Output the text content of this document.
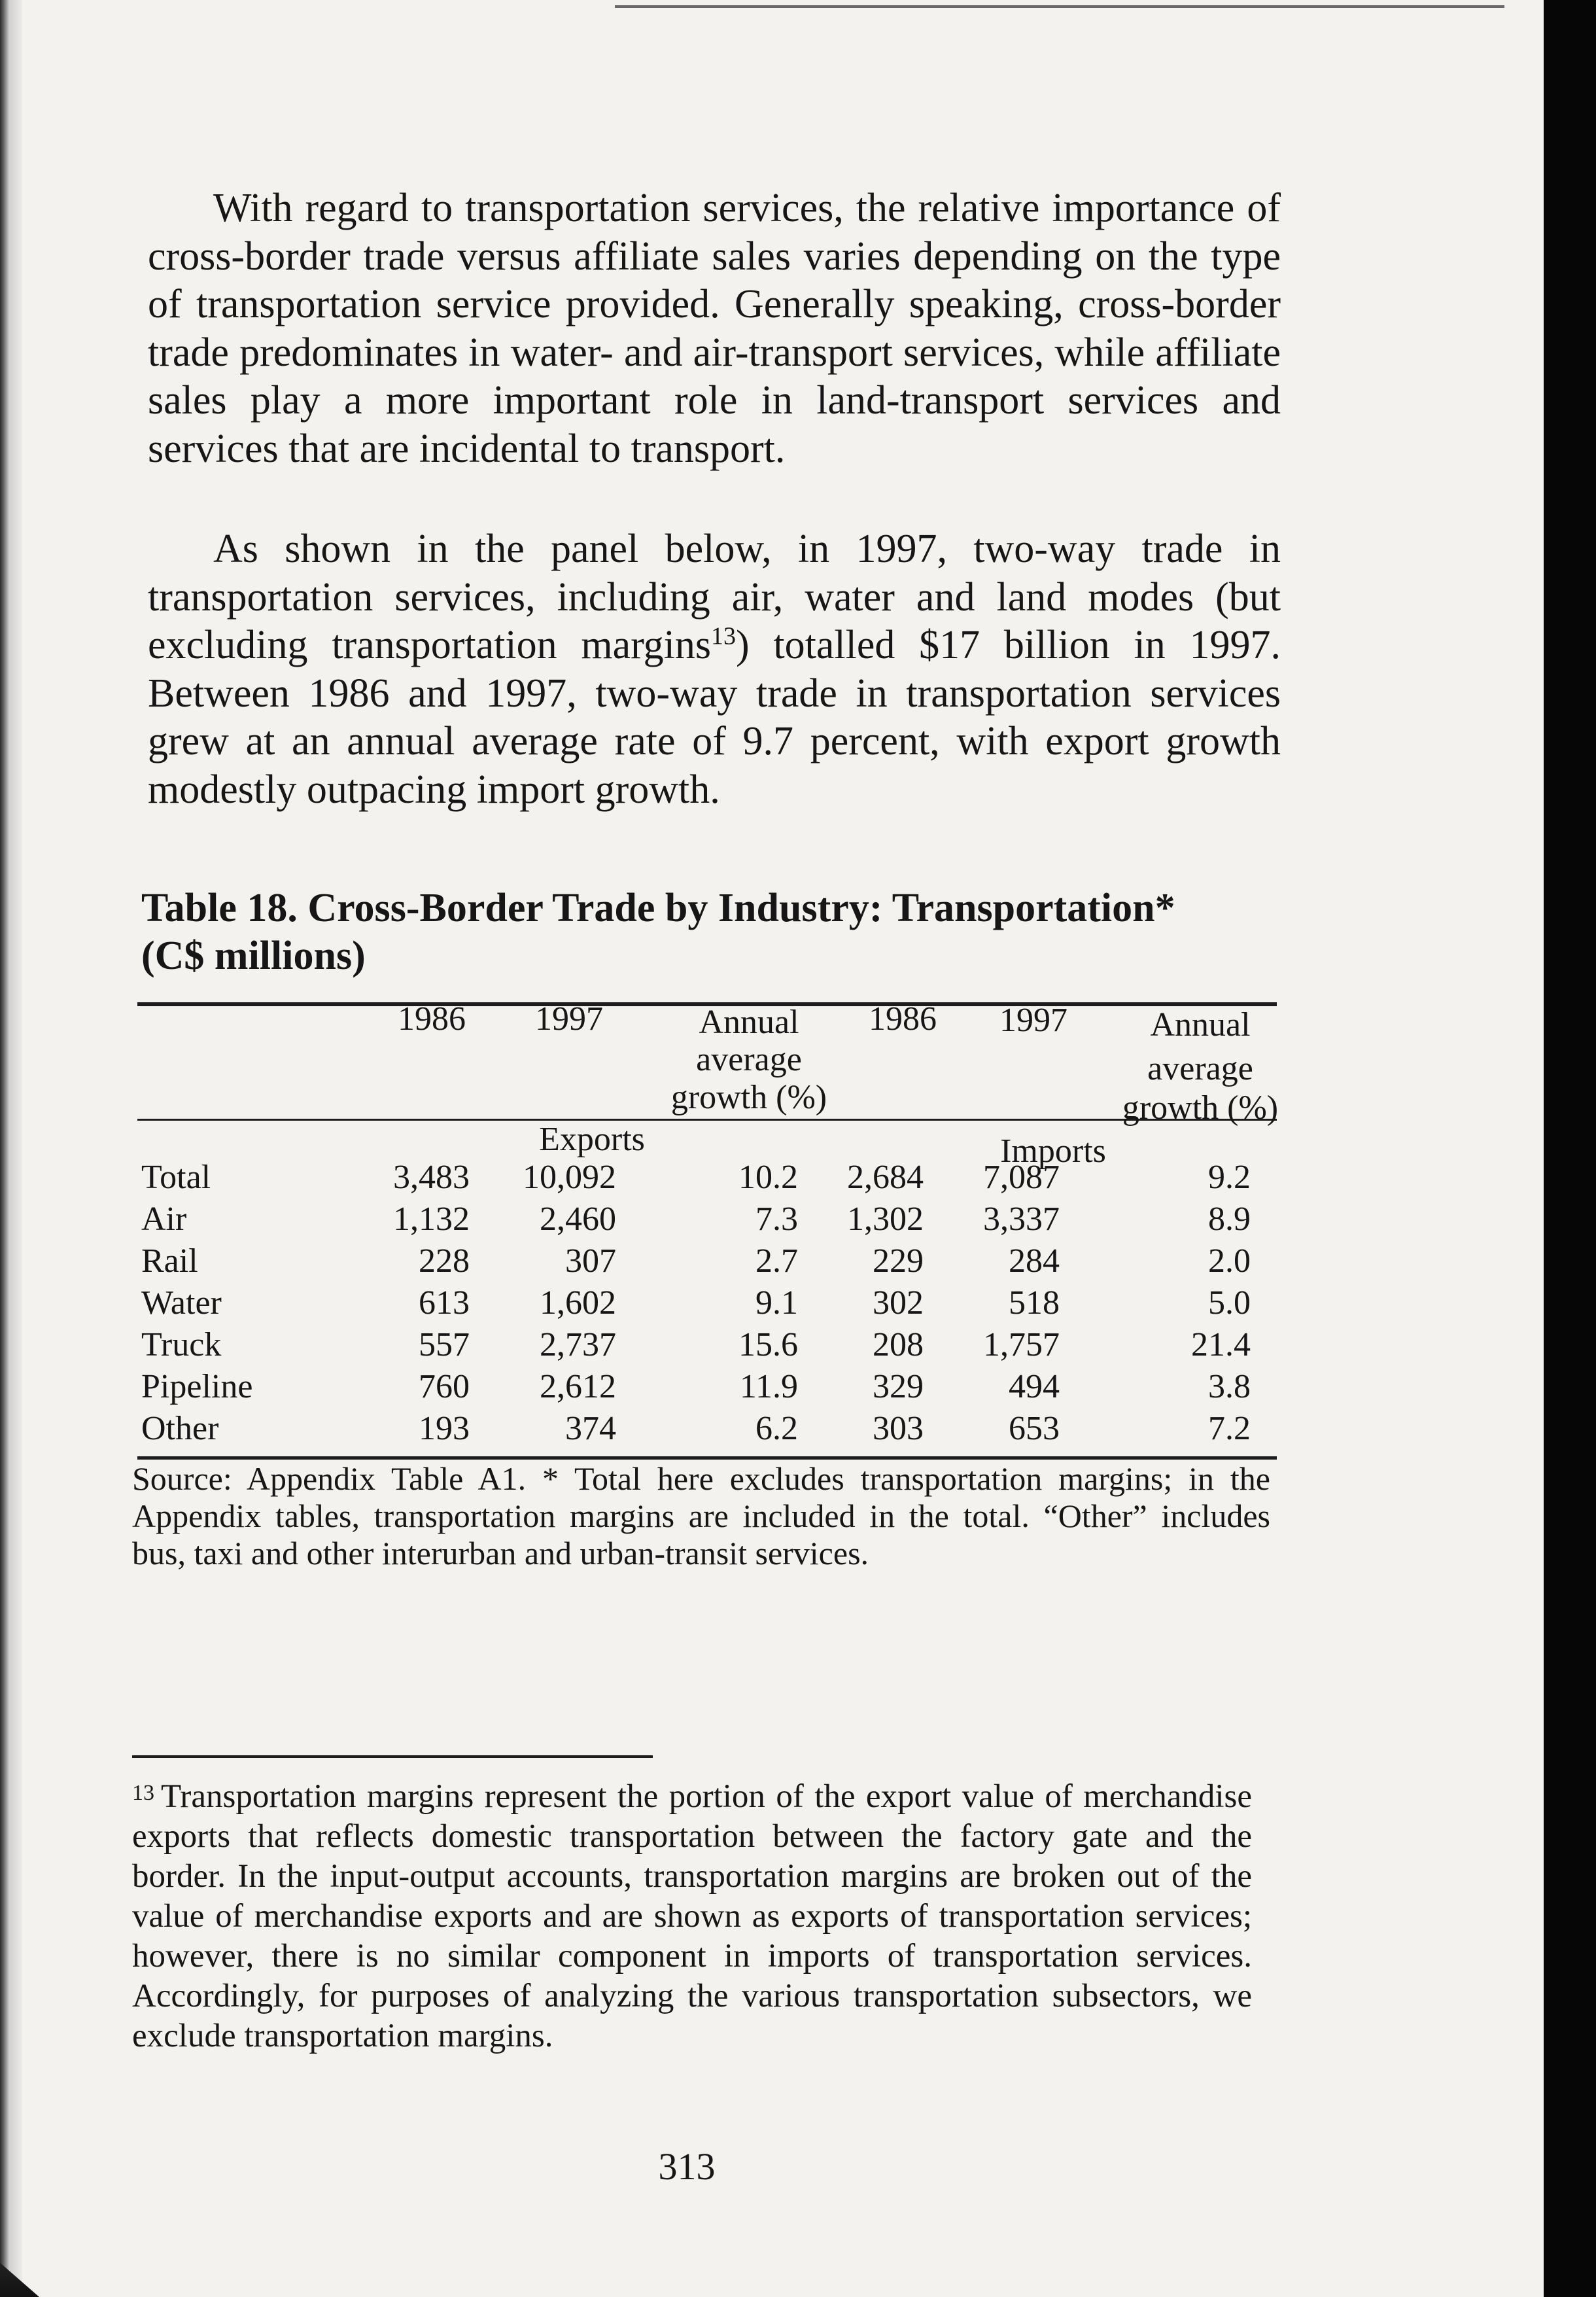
With regard to transportation services, the relative importance of cross-border trade versus affiliate sales varies depending on the type of transportation service provided. Generally speaking, cross-border trade predominates in water- and air-transport services, while affiliate sales play a more important role in land-transport services and services that are incidental to transport.

As shown in the panel below, in 1997, two-way trade in transportation services, including air, water and land modes (but excluding transportation margins$^{13}$) totalled $17 billion in 1997. Between 1986 and 1997, two-way trade in transportation services grew at an annual average rate of 9.7 percent, with export growth modestly outpacing import growth.

Table 18. Cross-Border Trade by Industry: Transportation*
(C$ millions)

1986	1997	Annual
average
growth (%)
1986	1997	Annual
average
growth (%)
Exports	Imports
Total	3,483	10,092	10.2	2,684	7,087	9.2
Air	1,132	2,460	7.3	1,302	3,337	8.9
Rail	228	307	2.7	229	284	2.0
Water	613	1,602	9.1	302	518	5.0
Truck	557	2,737	15.6	208	1,757	21.4
Pipeline	760	2,612	11.9	329	494	3.8
Other	193	374	6.2	303	653	7.2

Source: Appendix Table A1. * Total here excludes transportation margins; in the Appendix tables, transportation margins are included in the total. “Other” includes bus, taxi and other interurban and urban-transit services.

$^{13}$ Transportation margins represent the portion of the export value of merchandise exports that reflects domestic transportation between the factory gate and the border. In the input-output accounts, transportation margins are broken out of the value of merchandise exports and are shown as exports of transportation services; however, there is no similar component in imports of transportation services. Accordingly, for purposes of analyzing the various transportation subsectors, we exclude transportation margins.

313
